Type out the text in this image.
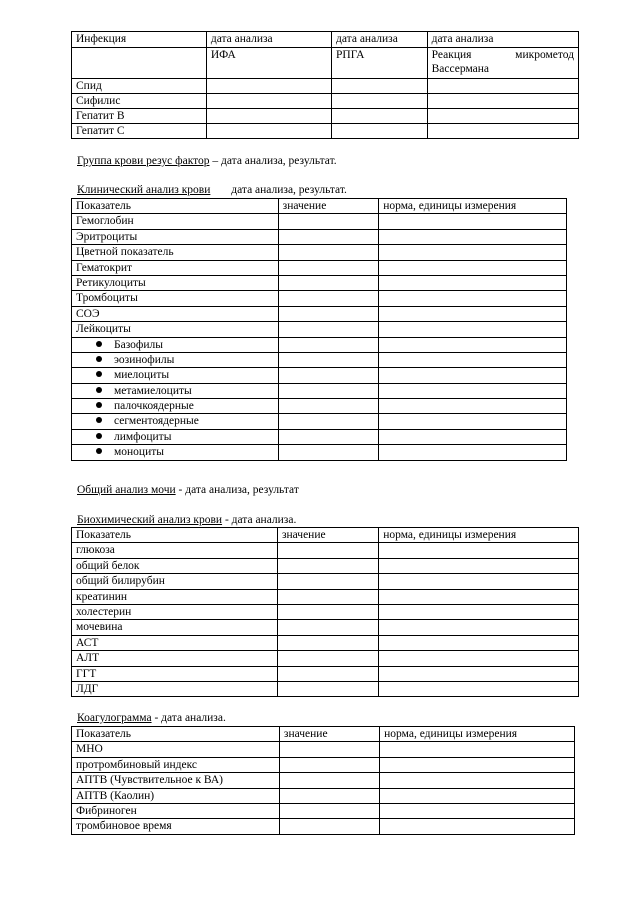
Инфекция	дата анализа	дата анализа	дата анализа
	ИФА	РПГА	Реакция микрометод
Вассермана

Спид			
Сифилис			
Гепатит В			
Гепатит С			
Группа крови резус фактор – дата анализа, результат.
Клинический анализ крови дата анализа, результат.
Показатель	значение	норма, единицы измерения
Гемоглобин		
Эритроциты		
Цветной показатель		
Гематокрит		
Ретикулоциты		
Тромбоциты		
СОЭ		
Лейкоциты		
Базофилы		
эозинофилы		
миелоциты		
метамиелоциты		
палочкоядерные		
сегментоядерные		
лимфоциты		
моноциты		
Общий анализ мочи - дата анализа, результат
Биохимический анализ крови - дата анализа.
Показатель	значение	норма, единицы измерения
глюкоза		
общий белок		
общий билирубин		
креатинин		
холестерин		
мочевина		
АСТ		
АЛТ		
ГГТ		
ЛДГ		
Коагулограмма - дата анализа.
Показатель	значение	норма, единицы измерения
МНО		
протромбиновый индекс		
АПТВ (Чувствительное к ВА)		
АПТВ (Каолин)		
Фибриноген		
тромбиновое время		
